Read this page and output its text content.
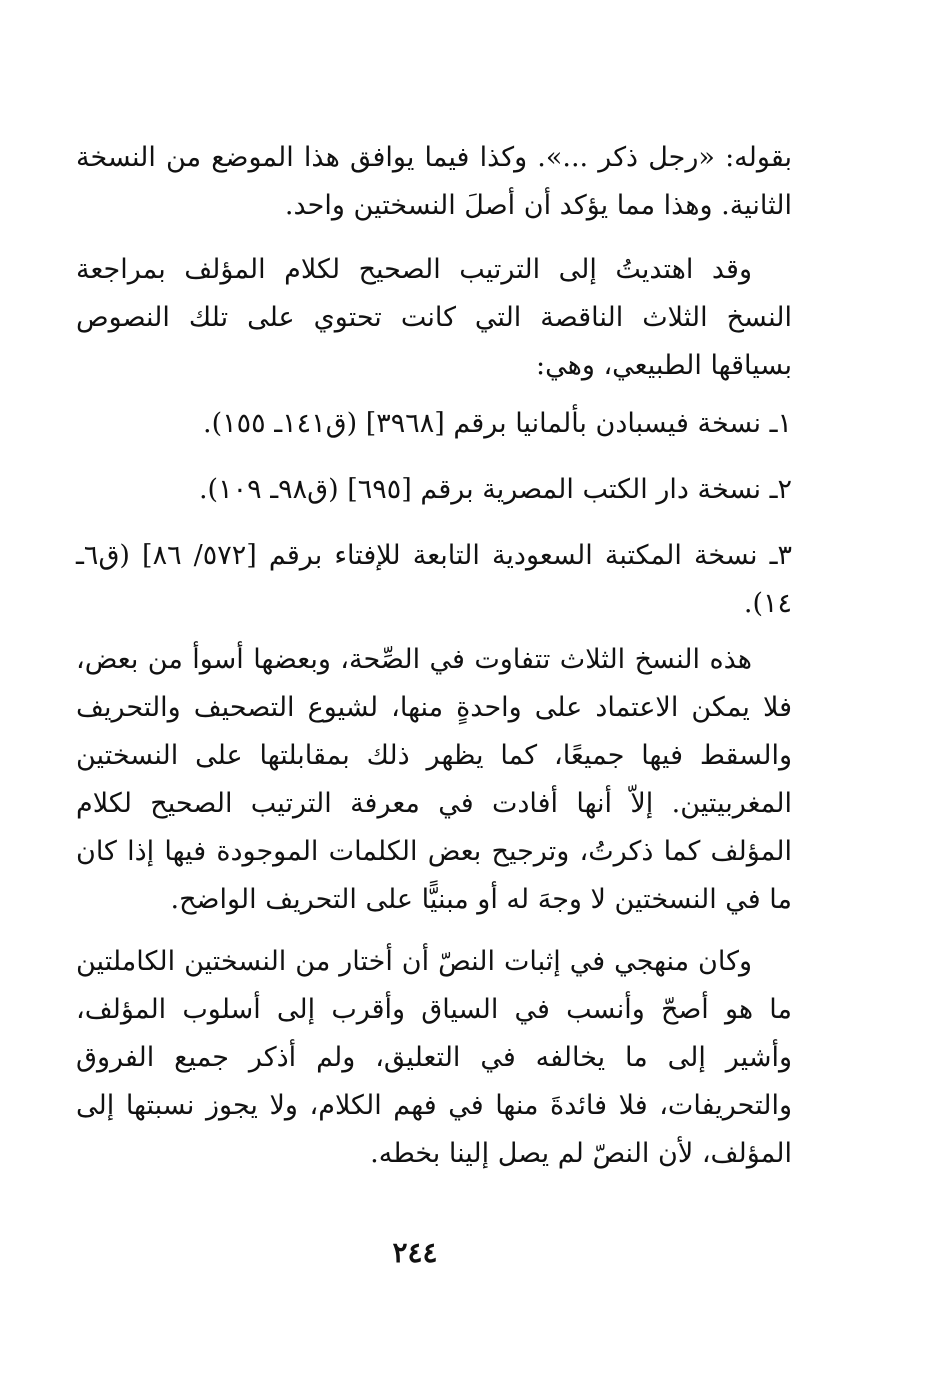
بقوله: «رجل ذكر ...». وكذا فيما يوافق هذا الموضع من النسخة الثانية. وهذا مما يؤكد أن أصلَ النسختين واحد.

وقد اهتديتُ إلى الترتيب الصحيح لكلام المؤلف بمراجعة النسخ الثلاث الناقصة التي كانت تحتوي على تلك النصوص بسياقها الطبيعي، وهي:

١ـ نسخة فيسبادن بألمانيا برقم [٣٩٦٨] (ق١٤١ـ ١٥٥).

٢ـ نسخة دار الكتب المصرية برقم [٦٩٥] (ق٩٨ـ ١٠٩).

٣ـ نسخة المكتبة السعودية التابعة للإفتاء برقم [٥٧٢/ ٨٦] (ق٦ـ ١٤).

هذه النسخ الثلاث تتفاوت في الصِّحة، وبعضها أسوأ من بعض، فلا يمكن الاعتماد على واحدةٍ منها، لشيوع التصحيف والتحريف والسقط فيها جميعًا، كما يظهر ذلك بمقابلتها على النسختين المغربيتين. إلاّ أنها أفادت في معرفة الترتيب الصحيح لكلام المؤلف كما ذكرتُ، وترجيح بعض الكلمات الموجودة فيها إذا كان ما في النسختين لا وجهَ له أو مبنيًّا على التحريف الواضح.

وكان منهجي في إثبات النصّ أن أختار من النسختين الكاملتين ما هو أصحّ وأنسب في السياق وأقرب إلى أسلوب المؤلف، وأشير إلى ما يخالفه في التعليق، ولم أذكر جميع الفروق والتحريفات، فلا فائدةَ منها في فهم الكلام، ولا يجوز نسبتها إلى المؤلف، لأن النصّ لم يصل إلينا بخطه.

٢٤٤
